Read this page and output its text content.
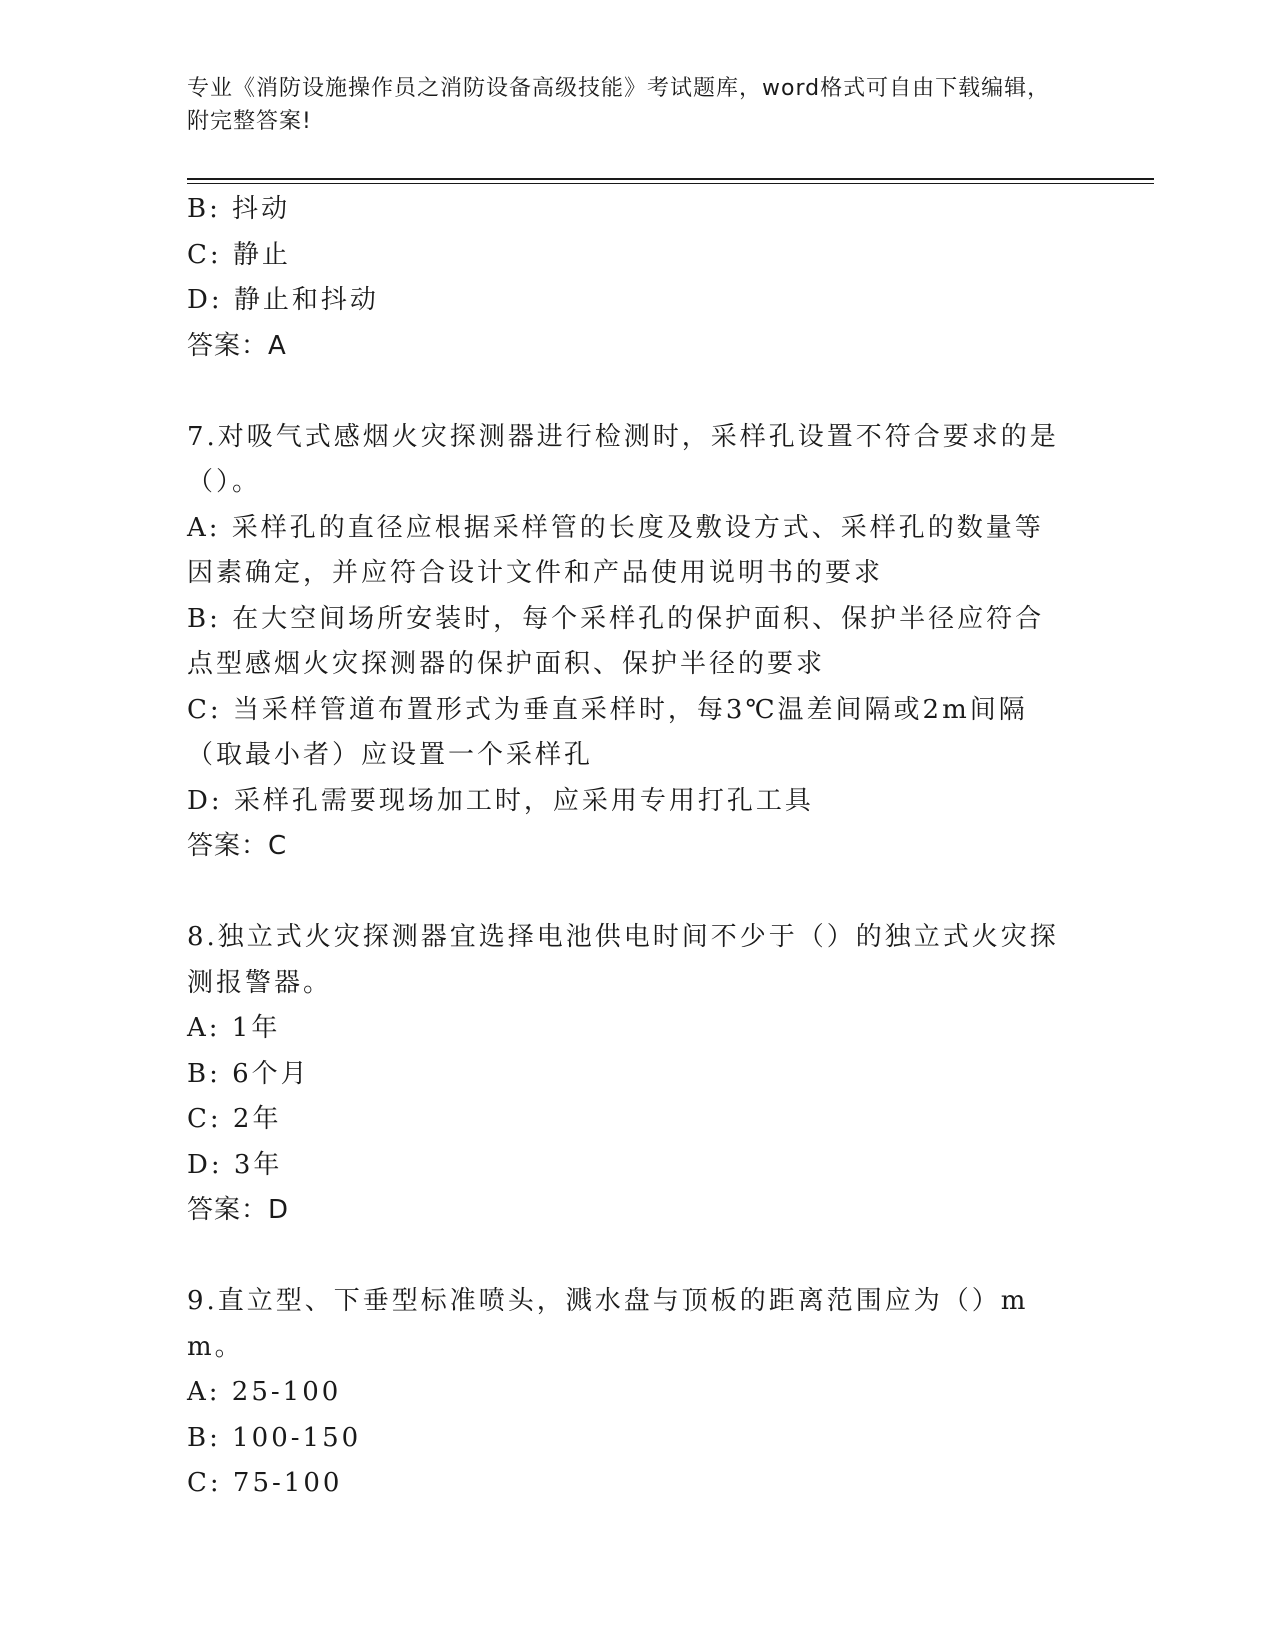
专业《消防设施操作员之消防设备高级技能》考试题库，word格式可自由下载编辑，附完整答案!
B: 抖动
C: 静止
D: 静止和抖动
答案：A
7.对吸气式感烟火灾探测器进行检测时，采样孔设置不符合要求的是（）。
A: 采样孔的直径应根据采样管的长度及敷设方式、采样孔的数量等因素确定，并应符合设计文件和产品使用说明书的要求
B: 在大空间场所安装时，每个采样孔的保护面积、保护半径应符合点型感烟火灾探测器的保护面积、保护半径的要求
C: 当采样管道布置形式为垂直采样时，每3℃温差间隔或2m间隔（取最小者）应设置一个采样孔
D: 采样孔需要现场加工时，应采用专用打孔工具
答案：C
8.独立式火灾探测器宜选择电池供电时间不少于（）的独立式火灾探测报警器。
A: 1年
B: 6个月
C: 2年
D: 3年
答案：D
9.直立型、下垂型标准喷头，溅水盘与顶板的距离范围应为（）mm。
A: 25-100
B: 100-150
C: 75-100
